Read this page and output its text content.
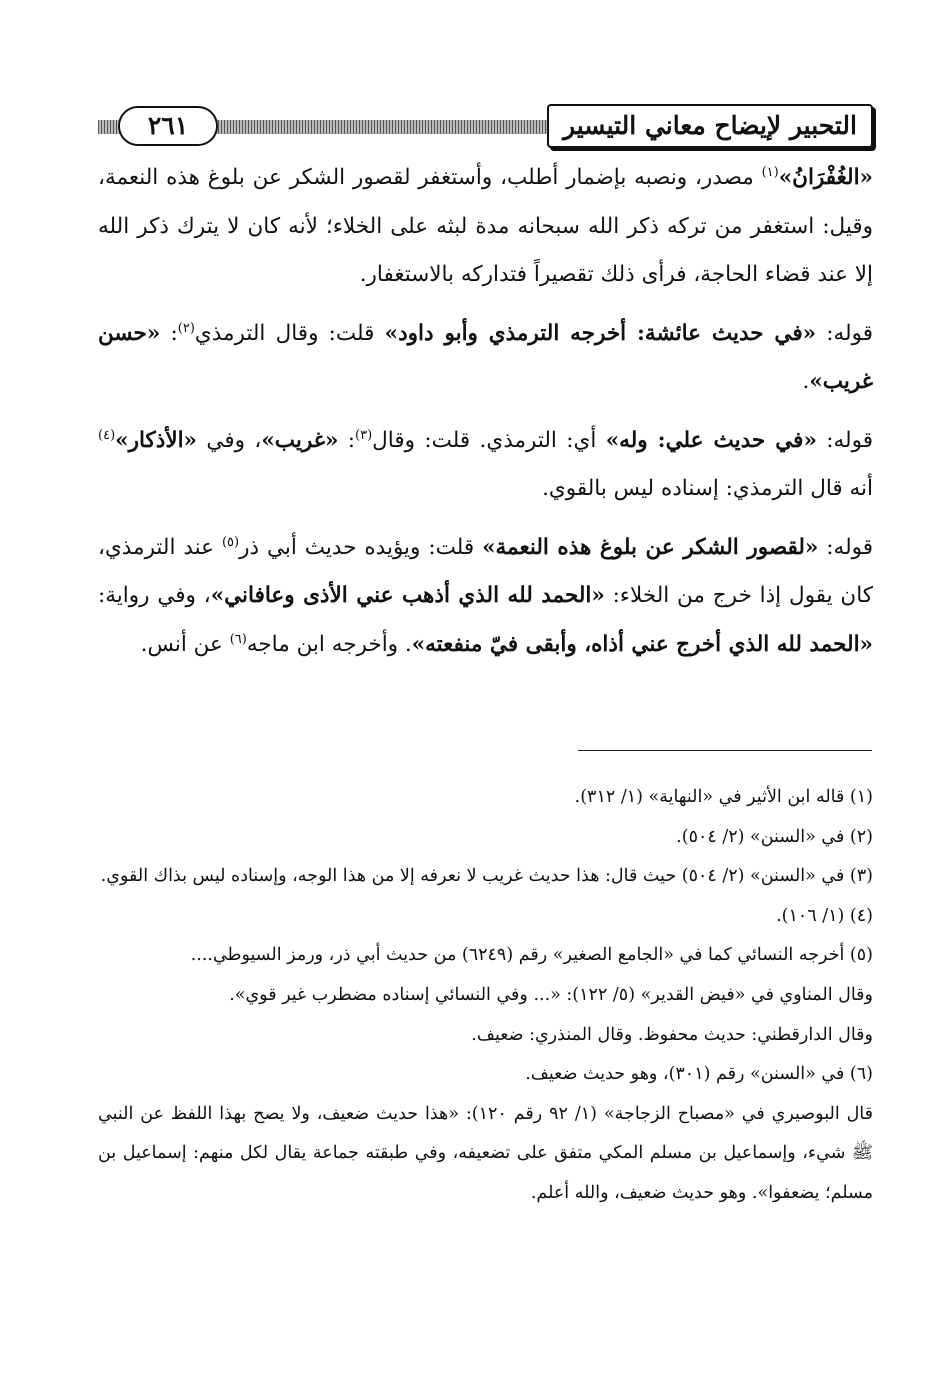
التحبير لإيضاح معاني التيسير
٢٦١

«الغُفْرَانُ»$^{(١)}$ مصدر، ونصبه بإضمار أطلب، وأستغفر لقصور الشكر عن بلوغ هذه النعمة، وقيل: استغفر من تركه ذكر الله سبحانه مدة لبثه على الخلاء؛ لأنه كان لا يترك ذكر الله إلا عند قضاء الحاجة، فرأى ذلك تقصيراً فتداركه بالاستغفار.

قوله: «في حديث عائشة: أخرجه الترمذي وأبو داود» قلت: وقال الترمذي$^{(٢)}$: «حسن غريب».

قوله: «في حديث علي: وله» أي: الترمذي. قلت: وقال$^{(٣)}$: «غريب»، وفي «الأذكار»$^{(٤)}$ أنه قال الترمذي: إسناده ليس بالقوي.

قوله: «لقصور الشكر عن بلوغ هذه النعمة» قلت: ويؤيده حديث أبي ذر$^{(٥)}$ عند الترمذي، كان يقول إذا خرج من الخلاء: «الحمد لله الذي أذهب عني الأذى وعافاني»، وفي رواية: «الحمد لله الذي أخرج عني أذاه، وأبقى فيّ منفعته». وأخرجه ابن ماجه$^{(٦)}$ عن أنس.

(١) قاله ابن الأثير في «النهاية» (١/ ٣١٢).

(٢) في «السنن» (٢/ ٥٠٤).

(٣) في «السنن» (٢/ ٥٠٤) حيث قال: هذا حديث غريب لا نعرفه إلا من هذا الوجه، وإسناده ليس بذاك القوي.

(٤) (١/ ١٠٦).

(٥) أخرجه النسائي كما في «الجامع الصغير» رقم (٦٢٤٩) من حديث أبي ذر، ورمز السيوطي....

وقال المناوي في «فيض القدير» (٥/ ١٢٢): «... وفي النسائي إسناده مضطرب غير قوي».

وقال الدارقطني: حديث محفوظ. وقال المنذري: ضعيف.

(٦) في «السنن» رقم (٣٠١)، وهو حديث ضعيف.

قال البوصيري في «مصباح الزجاجة» (١/ ٩٢ رقم ١٢٠): «هذا حديث ضعيف، ولا يصح بهذا اللفظ عن النبي ﷺ شيء، وإسماعيل بن مسلم المكي متفق على تضعيفه، وفي طبقته جماعة يقال لكل منهم: إسماعيل بن مسلم؛ يضعفوا». وهو حديث ضعيف، والله أعلم.
